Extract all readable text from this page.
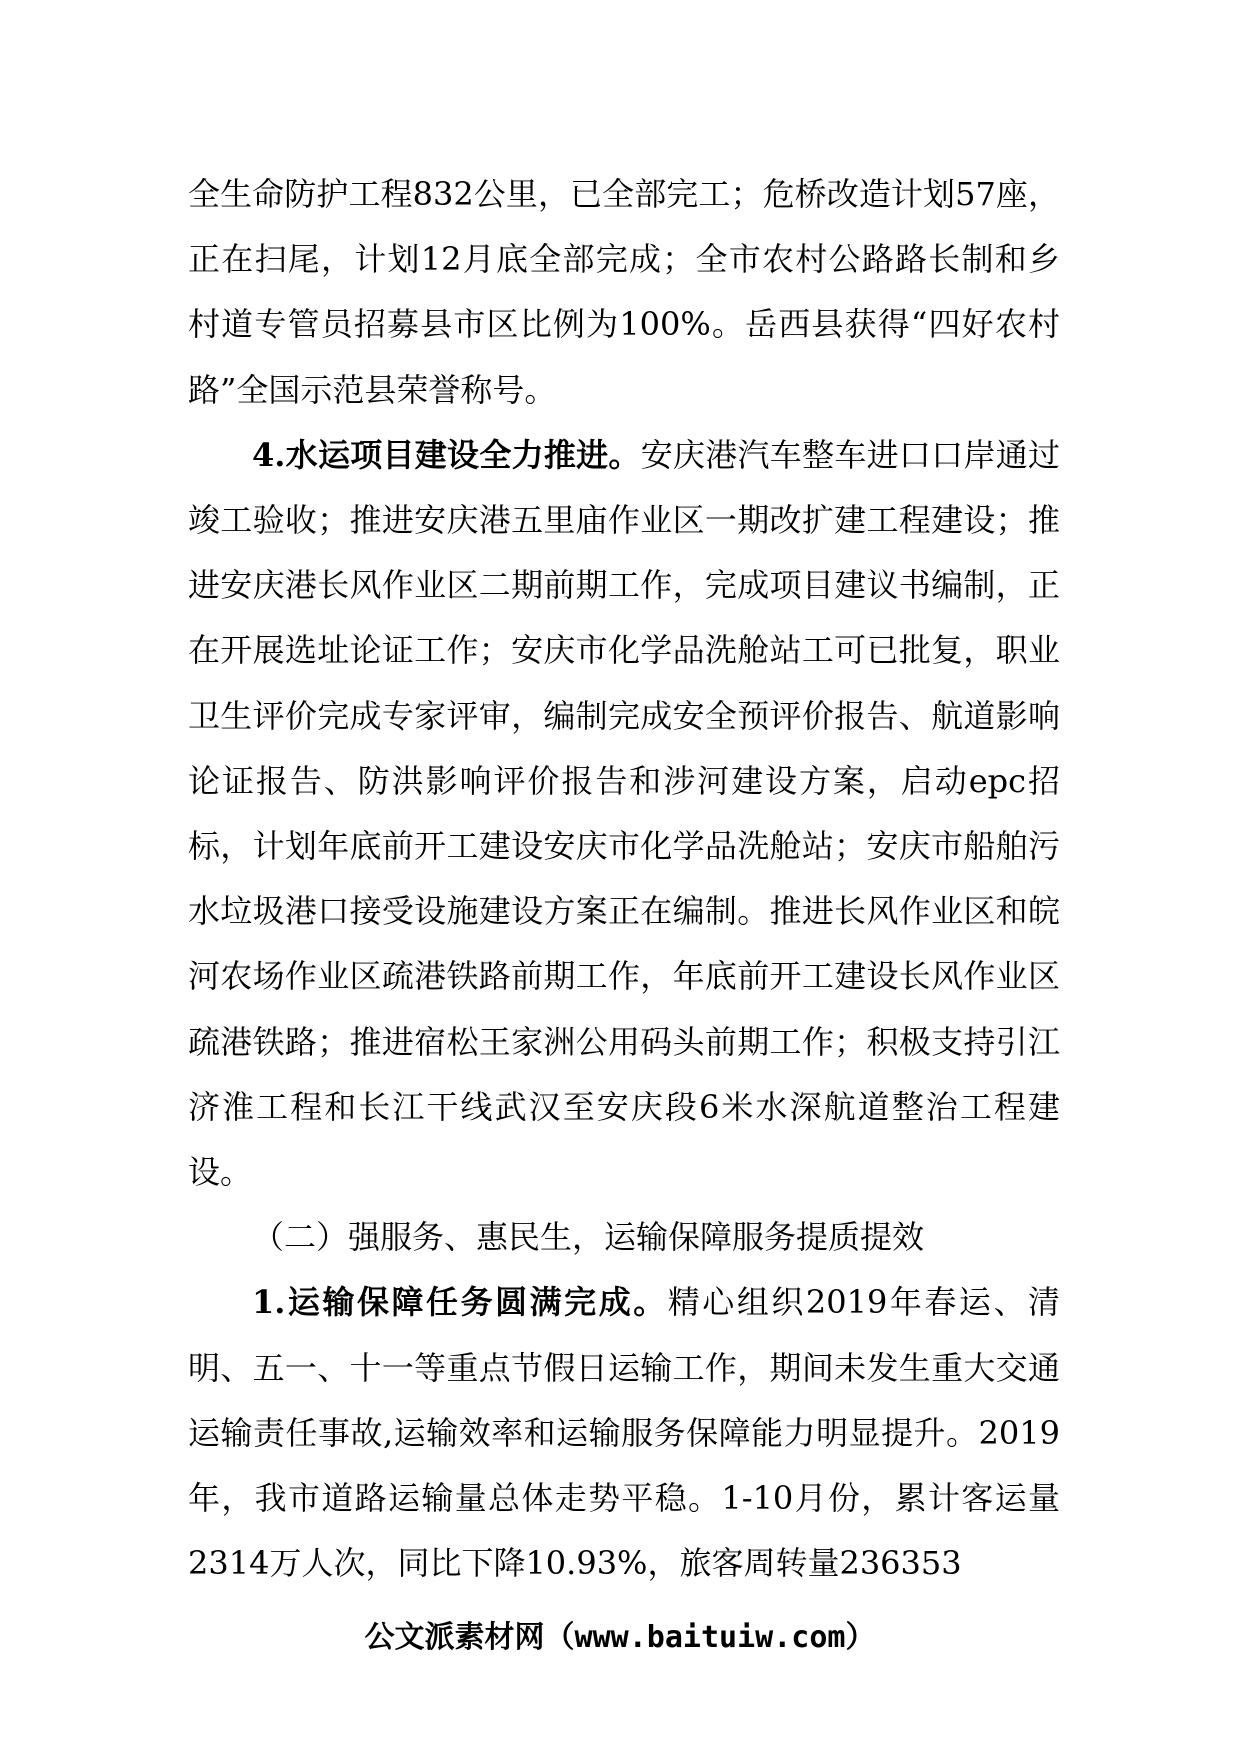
全生命防护工程832公里，已全部完工；危桥改造计划57座，正在扫尾，计划12月底全部完成；全市农村公路路长制和乡村道专管员招募县市区比例为100%。岳西县获得“四好农村路”全国示范县荣誉称号。

4.水运项目建设全力推进。安庆港汽车整车进口口岸通过竣工验收；推进安庆港五里庙作业区一期改扩建工程建设；推进安庆港长风作业区二期前期工作，完成项目建议书编制，正在开展选址论证工作；安庆市化学品洗舱站工可已批复，职业卫生评价完成专家评审，编制完成安全预评价报告、航道影响论证报告、防洪影响评价报告和涉河建设方案，启动epc招标，计划年底前开工建设安庆市化学品洗舱站；安庆市船舶污水垃圾港口接受设施建设方案正在编制。推进长风作业区和皖河农场作业区疏港铁路前期工作，年底前开工建设长风作业区疏港铁路；推进宿松王家洲公用码头前期工作；积极支持引江济淮工程和长江干线武汉至安庆段6米水深航道整治工程建设。

（二）强服务、惠民生，运输保障服务提质提效

1.运输保障任务圆满完成。精心组织2019年春运、清明、五一、十一等重点节假日运输工作，期间未发生重大交通运输责任事故,运输效率和运输服务保障能力明显提升。2019年，我市道路运输量总体走势平稳。1-10月份，累计客运量2314万人次，同比下降10.93%，旅客周转量236353

公文派素材网（www.baituiw.com）
